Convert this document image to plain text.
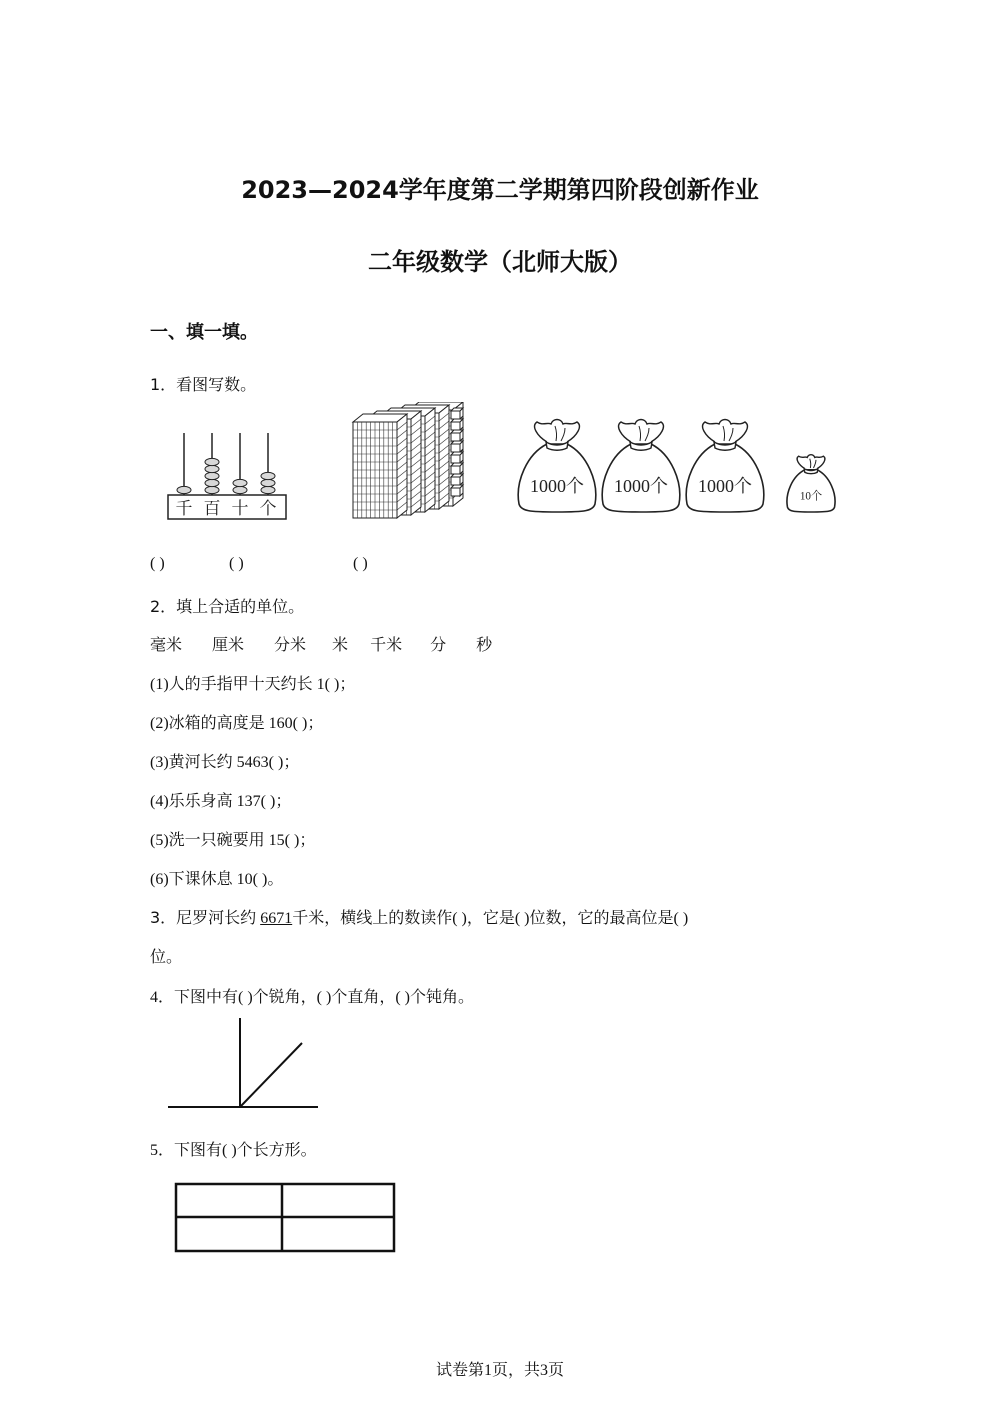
2023—2024学年度第二学期第四阶段创新作业
二年级数学（北师大版）
一、填一填。
1．看图写数。
千 百 十 个
1000个 1000个 1000个
10个
( )	( )	( )
2．填上合适的单位。
毫米 厘米 分米 米 千米 分 秒
(1)人的手指甲十天约长 1( )；
(2)冰箱的高度是 160( )；
(3)黄河长约 5463( )；
(4)乐乐身高 137( )；
(5)洗一只碗要用 15( )；
(6)下课休息 10( )。
3．尼罗河长约 6671千米，横线上的数读作( )，它是( )位数，它的最高位是( )
位。
4．下图中有( )个锐角，( )个直角，( )个钝角。
5．下图有( )个长方形。
试卷第1页，共3页
